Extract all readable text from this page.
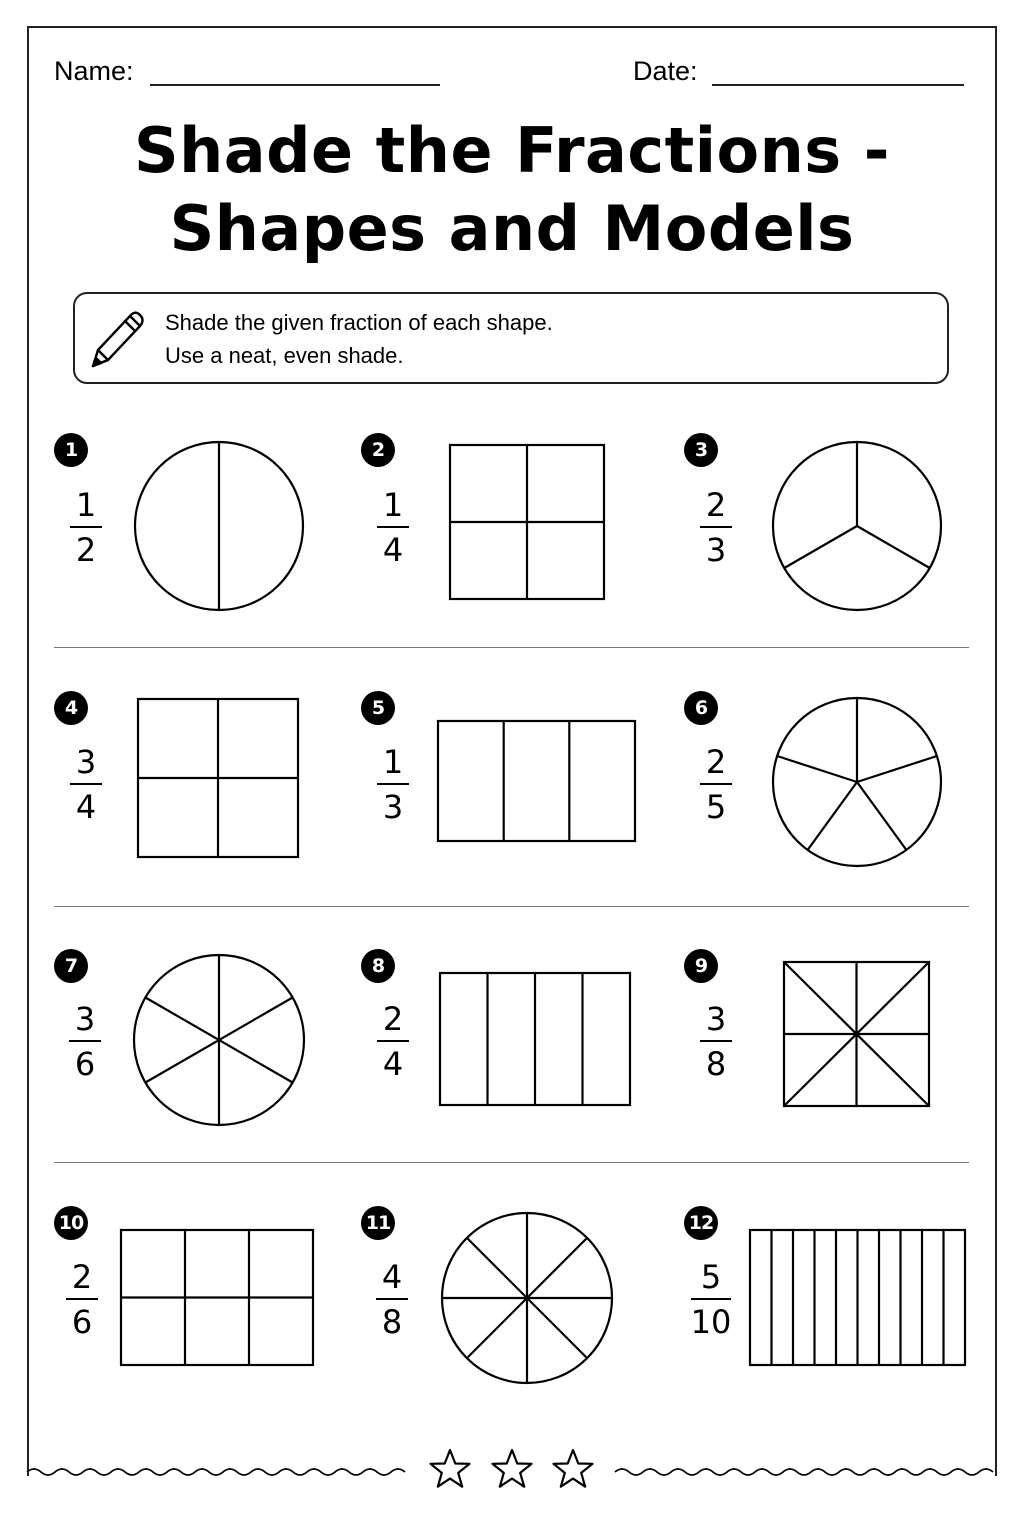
Name:	Date:
Shade the Fractions -
Shapes and Models
Shade the given fraction of each shape.
Use a neat, even shade.
1	2	3
4	5	6
7	8	9
10	11	12
1
2
1
4
2
3
3
4
1
3
2
5
3
6
2
4
3
8
2
6
4
8
5
10
